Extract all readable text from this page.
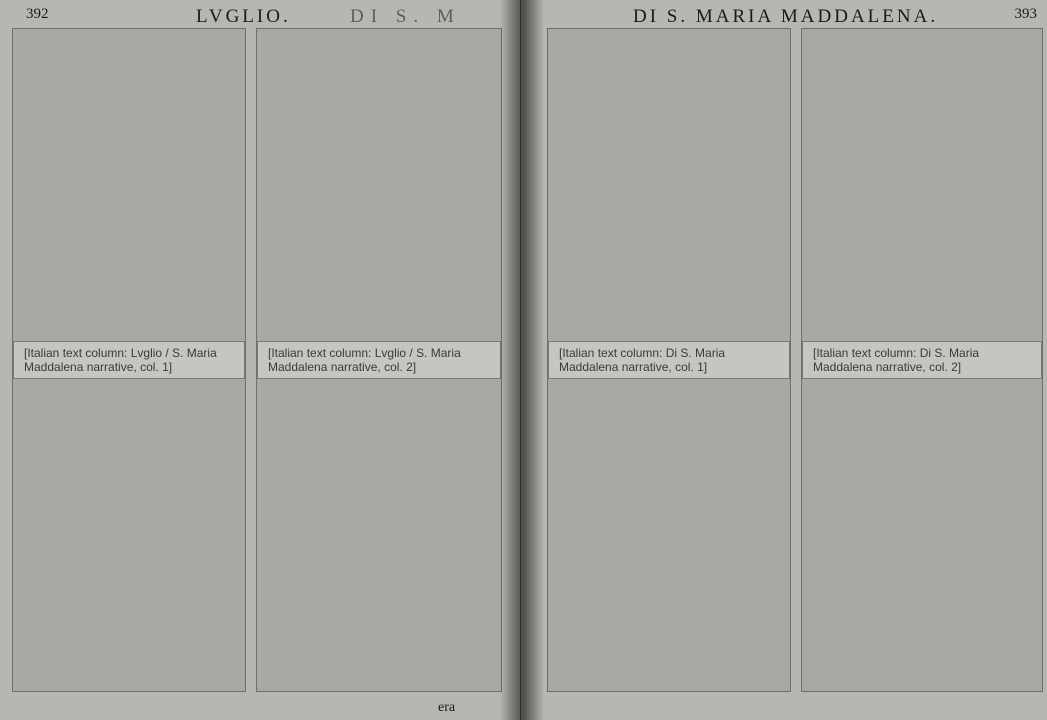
392	LVGLIO.	DI S. M
[Italian text column: Lvglio / S. Maria Maddalena narrative, col. 1]
[Italian text column: Lvglio / S. Maria Maddalena narrative, col. 2]
era
DI S. MARIA MADDALENA.	393
[Italian text column: Di S. Maria Maddalena narrative, col. 1]
[Italian text column: Di S. Maria Maddalena narrative, col. 2]
